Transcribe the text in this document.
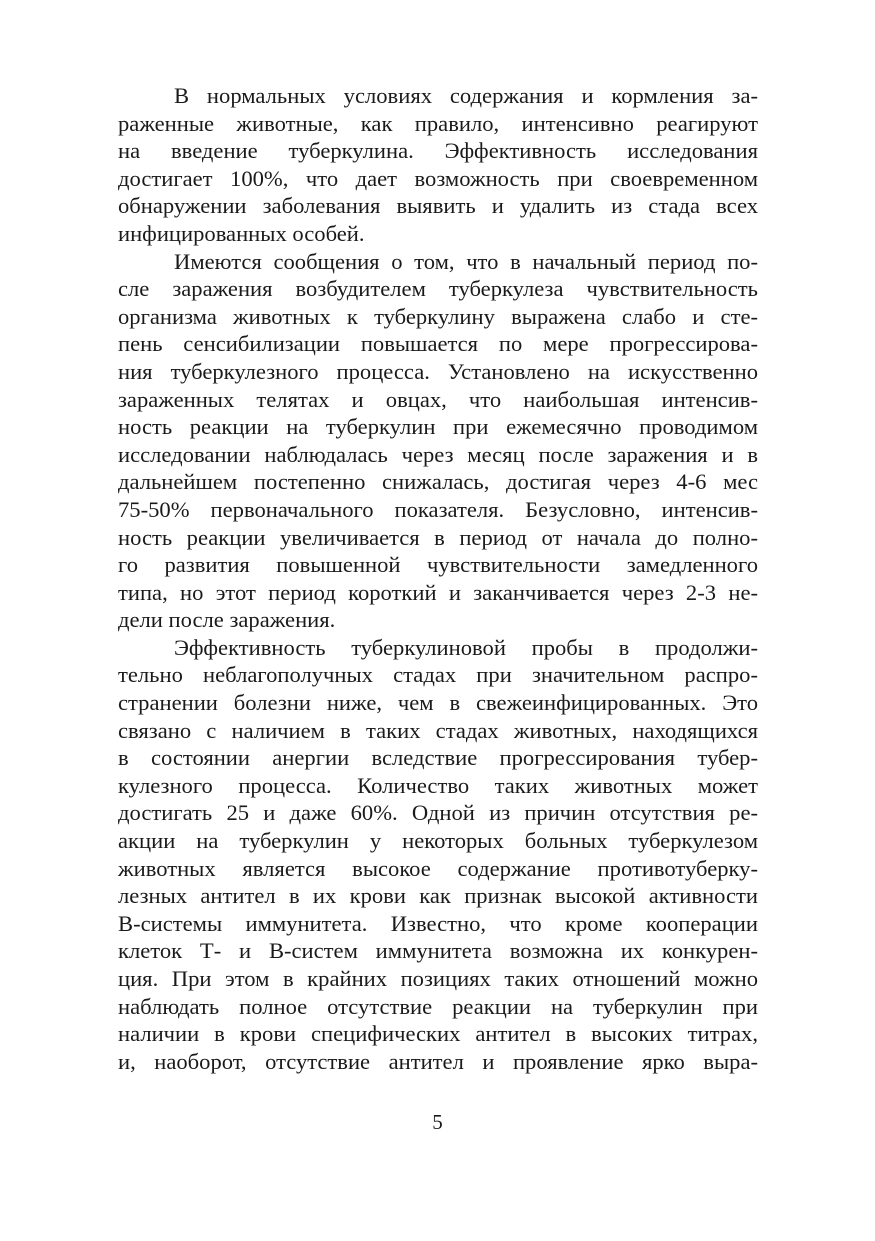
В нормальных условиях содержания и кормления за-
раженные животные, как правило, интенсивно реагируют
на введение туберкулина. Эффективность исследования
достигает 100%, что дает возможность при своевременном
обнаружении заболевания выявить и удалить из стада всех
инфицированных особей.
Имеются сообщения о том, что в начальный период по-
сле заражения возбудителем туберкулеза чувствительность
организма животных к туберкулину выражена слабо и сте-
пень сенсибилизации повышается по мере прогрессирова-
ния туберкулезного процесса. Установлено на искусственно
зараженных телятах и овцах, что наибольшая интенсив-
ность реакции на туберкулин при ежемесячно проводимом
исследовании наблюдалась через месяц после заражения и в
дальнейшем постепенно снижалась, достигая через 4-6 мес
75-50% первоначального показателя. Безусловно, интенсив-
ность реакции увеличивается в период от начала до полно-
го развития повышенной чувствительности замедленного
типа, но этот период короткий и заканчивается через 2-3 не-
дели после заражения.
Эффективность туберкулиновой пробы в продолжи-
тельно неблагополучных стадах при значительном распро-
странении болезни ниже, чем в свежеинфицированных. Это
связано с наличием в таких стадах животных, находящихся
в состоянии анергии вследствие прогрессирования тубер-
кулезного процесса. Количество таких животных может
достигать 25 и даже 60%. Одной из причин отсутствия ре-
акции на туберкулин у некоторых больных туберкулезом
животных является высокое содержание противотуберку-
лезных антител в их крови как признак высокой активности
В-системы иммунитета. Известно, что кроме кооперации
клеток Т- и В-систем иммунитета возможна их конкурен-
ция. При этом в крайних позициях таких отношений можно
наблюдать полное отсутствие реакции на туберкулин при
наличии в крови специфических антител в высоких титрах,
и, наоборот, отсутствие антител и проявление ярко выра-
5
